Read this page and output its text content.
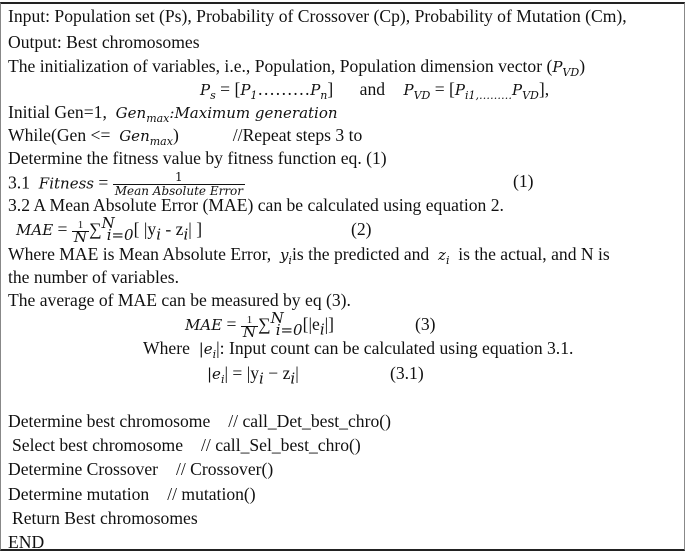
Input: Population set (Ps), Probability of Crossover (Cp), Probability of Mutation (Cm),
Output: Best chromosomes
The initialization of variables, i.e., Population, Population dimension vector $(P_{VD})$
$P_s$ = $[P_1\dots\dots\dots P_n]$ and $P_{VD} = [P_{i1,\dots\dots\dots}P_{VD}]$,
Initial Gen=1, Gen$_{max}$:Maximum generation
While(Gen <= Gen$_{max}$)	//Repeat steps 3 to
Determine the fitness value by fitness function eq. (1)
3.1 Fitness = $\frac{1}{\text{Mean Absolute Error}}$	(1)
3.2 A Mean Absolute Error (MAE) can be calculated using equation 2.
MAE = $\frac{1}{N} \sum^N_{i=0}$[ $|y_i - z_i|$ ]	(2)
Where MAE is Mean Absolute Error, $y_iis$ the predicted and $z_i$ is the actual, and N is
the number of variables.
The average of MAE can be measured by eq (3).
MAE = $\frac{1}{N} \sum^N_{i=0}[|e_i|]$	(3)
Where $|e_i|$: Input count can be calculated using equation 3.1.
$|e_i| = |y_i - z_i|$	(3.1)
Determine best chromosome // call_Det_best_chro()
Select best chromosome // call_Sel_best_chro()
Determine Crossover // Crossover()
Determine mutation // mutation()
Return Best chromosomes
END
